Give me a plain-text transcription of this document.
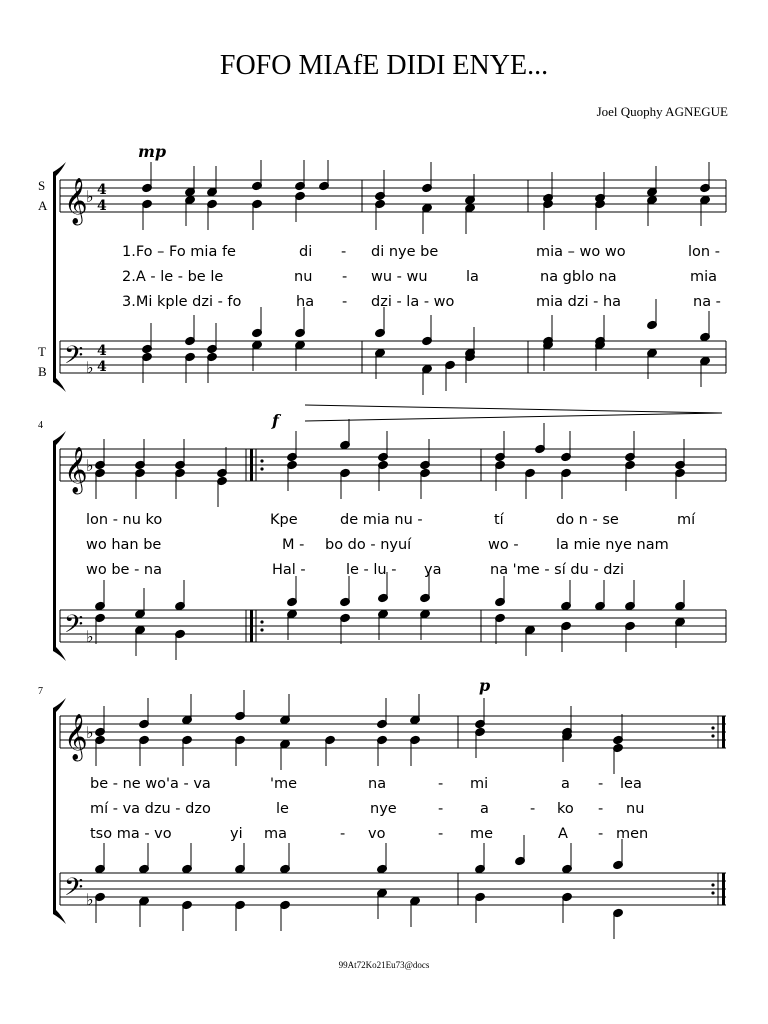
FOFO MIAfE DIDI ENYE...
Joel Quophy AGNEGUE
S
A
T
B
mp
f
p
4
7
𝄞
𝄢
𝄞
𝄢
𝄞
𝄢
♭
♭
♭
♭
♭
♭
4
4
4
4
1.Fo – Fo mia fe	di - di nye be	mia – wo wo	lon -
2.A - le - be le	nu - wu - wu	la	na gblo na	mia
3.Mi kple dzi - fo	ha - dzi - la - wo	mia dzi - ha	na -
lon - nu ko	Kpe	de mia nu -	tí	do n - se	mí
wo han be	M - bo do - nyuí	wo -	la mie nye nam
wo be - na	Hal -	le - lu - ya	na 'me - sí du - dzi
be - ne wo'a - va	'me	na	- mi	a - lea
mí - va dzu - dzo	le	nye	-	a	- ko - nu
tso ma - vo	yi ma	- vo	- me	A - men
99At72Ko21Eu73@docs
